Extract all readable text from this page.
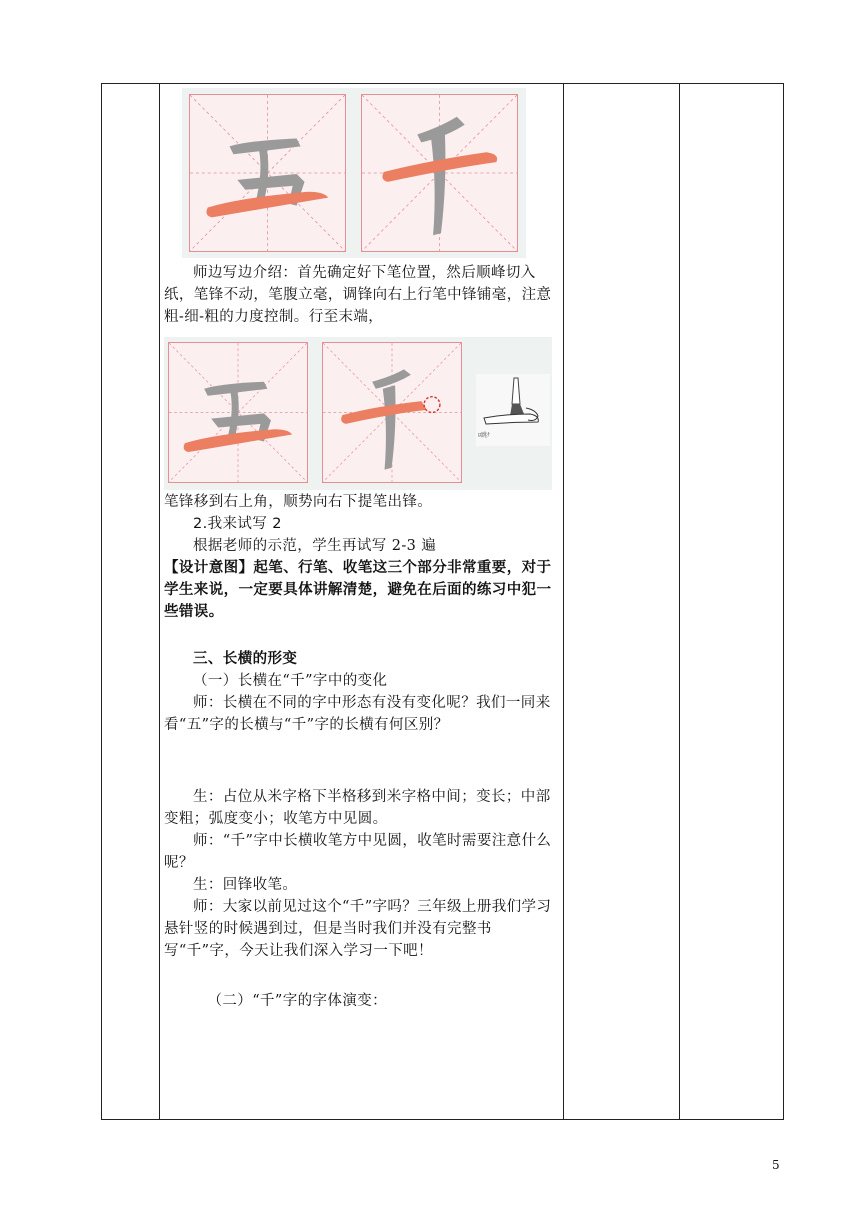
师边写边介绍：首先确定好下笔位置，然后顺峰切入纸，笔锋不动，笔腹立毫，调锋向右上行笔中锋铺毫，注意粗-细-粗的力度控制。行至末端，
ﾛ跳ﾅ
笔锋移到右上角，顺势向右下提笔出锋。
2.我来试写 2
根据老师的示范，学生再试写 2-3 遍
【设计意图】起笔、行笔、收笔这三个部分非常重要，对于学生来说，一定要具体讲解清楚，避免在后面的练习中犯一些错误。
三、长横的形变
（一）长横在“千”字中的变化
师：长横在不同的字中形态有没有变化呢？我们一同来看“五”字的长横与“千”字的长横有何区别？
生：占位从米字格下半格移到米字格中间；变长；中部变粗；弧度变小；收笔方中见圆。
师：“千”字中长横收笔方中见圆，收笔时需要注意什么呢？
生：回锋收笔。
师：大家以前见过这个“千”字吗？三年级上册我们学习悬针竖的时候遇到过，但是当时我们并没有完整书写“千”字，今天让我们深入学习一下吧！
（二）“千”字的字体演变：
5
